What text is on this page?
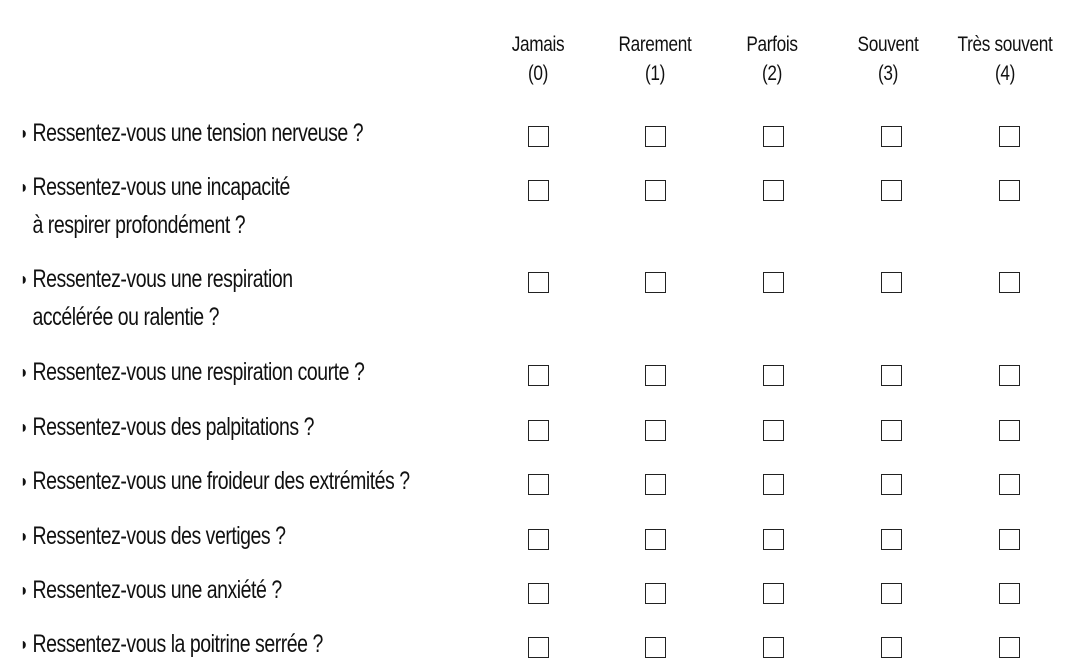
Jamais
(0)
Rarement
(1)
Parfois
(2)
Souvent
(3)
Très souvent
(4)
◗ Ressentez-vous une tension nerveuse ?
◗ Ressentez-vous une incapacité
à respirer profondément ?
◗ Ressentez-vous une respiration
accélérée ou ralentie ?
◗ Ressentez-vous une respiration courte ?
◗ Ressentez-vous des palpitations ?
◗ Ressentez-vous une froideur des extrémités ?
◗ Ressentez-vous des vertiges ?
◗ Ressentez-vous une anxiété ?
◗ Ressentez-vous la poitrine serrée ?
